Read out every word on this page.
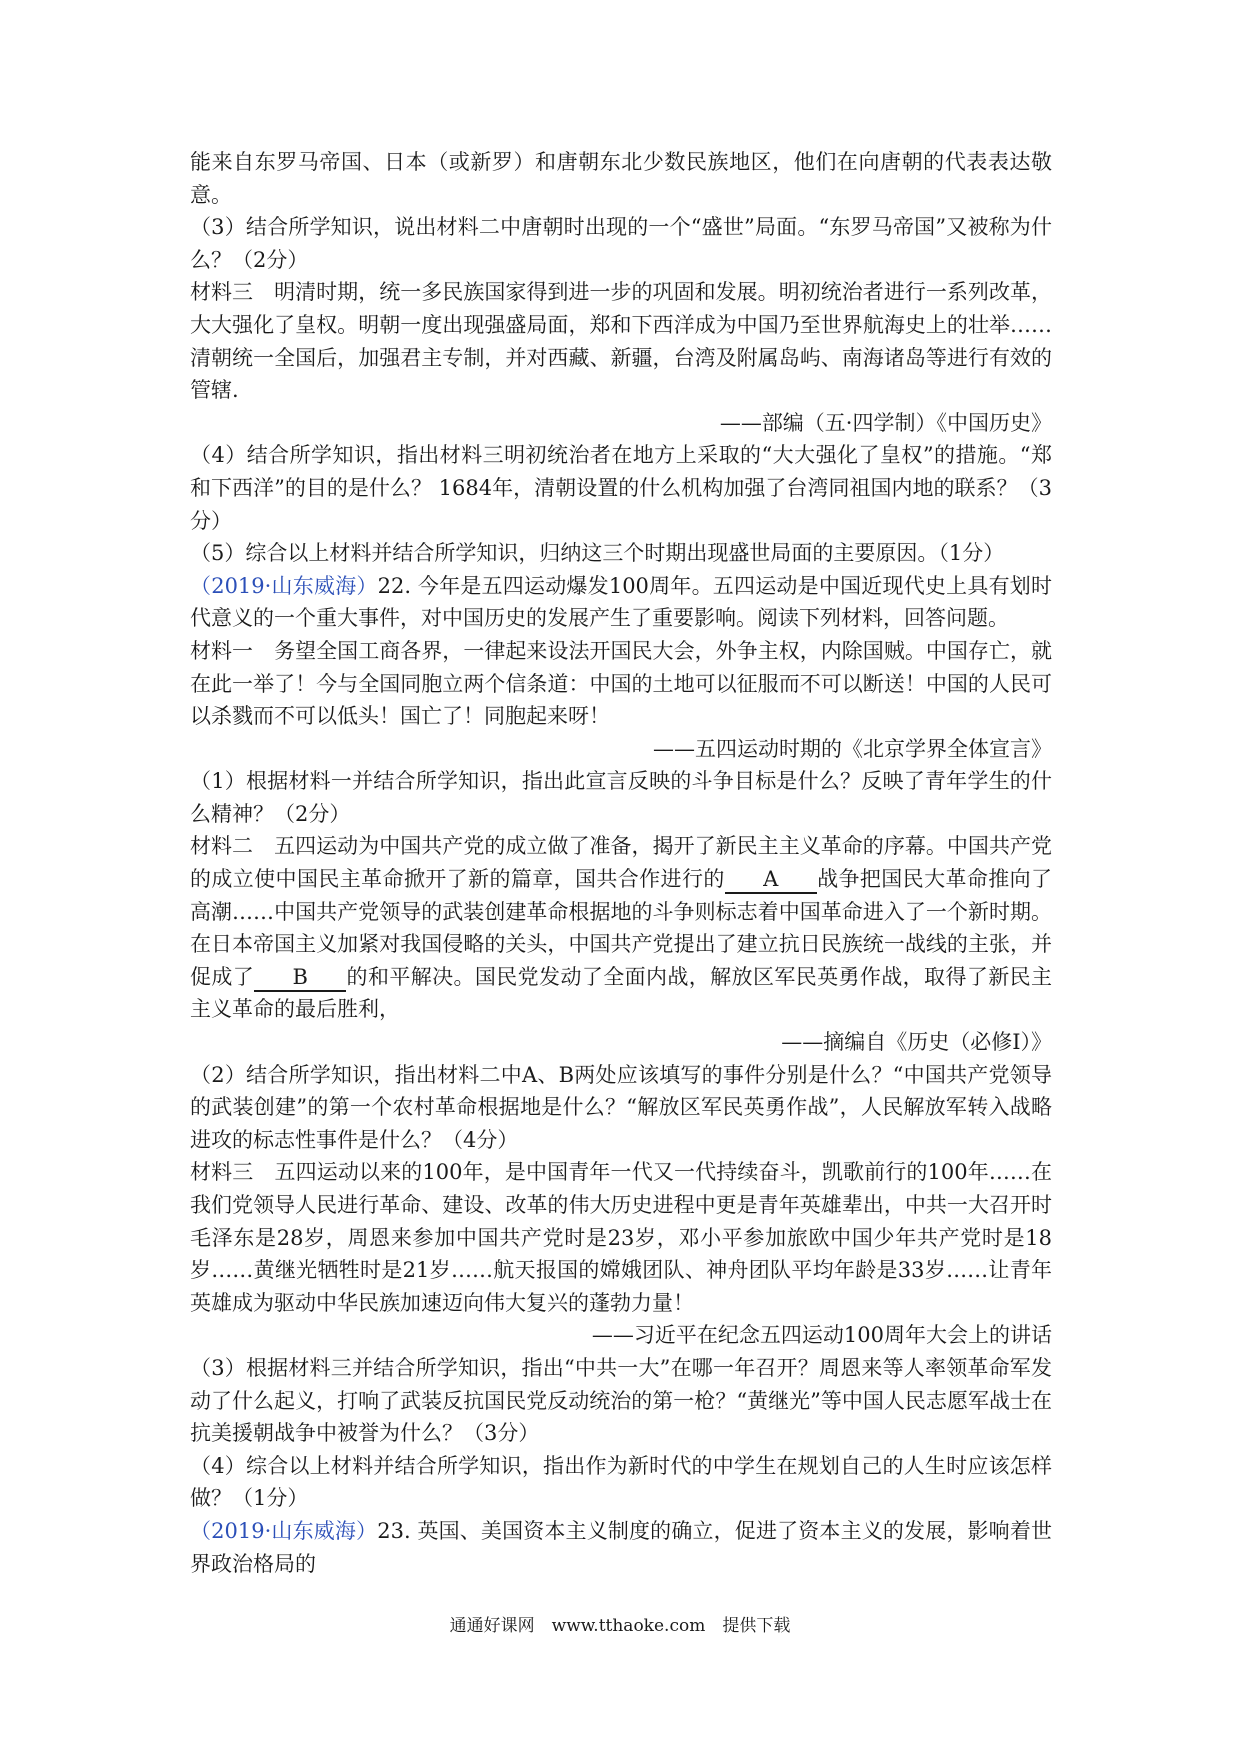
能来自东罗马帝国、日本（或新罗）和唐朝东北少数民族地区，他们在向唐朝的代表表达敬意。

（3）结合所学知识，说出材料二中唐朝时出现的一个“盛世”局面。“东罗马帝国”又被称为什么？（2分）

材料三　明清时期，统一多民族国家得到进一步的巩固和发展。明初统治者进行一系列改革，大大强化了皇权。明朝一度出现强盛局面，郑和下西洋成为中国乃至世界航海史上的壮举……清朝统一全国后，加强君主专制，并对西藏、新疆，台湾及附属岛屿、南海诸岛等进行有效的管辖.

——部编（五·四学制）《中国历史》

（4）结合所学知识，指出材料三明初统治者在地方上采取的“大大强化了皇权”的措施。“郑和下西洋”的目的是什么？ 1684年，清朝设置的什么机构加强了台湾同祖国内地的联系？（3分）

（5）综合以上材料并结合所学知识，归纳这三个时期出现盛世局面的主要原因。（1分）

（2019·山东威海）22. 今年是五四运动爆发100周年。五四运动是中国近现代史上具有划时代意义的一个重大事件，对中国历史的发展产生了重要影响。阅读下列材料，回答问题。

材料一　务望全国工商各界，一律起来设法开国民大会，外争主权，内除国贼。中国存亡，就在此一举了！今与全国同胞立两个信条道：中国的土地可以征服而不可以断送！中国的人民可以杀戮而不可以低头！国亡了！同胞起来呀！

——五四运动时期的《北京学界全体宣言》

（1）根据材料一并结合所学知识，指出此宣言反映的斗争目标是什么？反映了青年学生的什么精神？（2分）

材料二　五四运动为中国共产党的成立做了准备，揭开了新民主主义革命的序幕。中国共产党的成立使中国民主革命掀开了新的篇章，国共合作进行的 A 战争把国民大革命推向了高潮……中国共产党领导的武装创建革命根据地的斗争则标志着中国革命进入了一个新时期。在日本帝国主义加紧对我国侵略的关头，中国共产党提出了建立抗日民族统一战线的主张，并促成了 B 的和平解决。国民党发动了全面内战，解放区军民英勇作战，取得了新民主主义革命的最后胜利，

——摘编自《历史（必修Ⅰ）》

（2）结合所学知识，指出材料二中A、B两处应该填写的事件分别是什么？“中国共产党领导的武装创建”的第一个农村革命根据地是什么？“解放区军民英勇作战”，人民解放军转入战略进攻的标志性事件是什么？（4分）

材料三　五四运动以来的100年，是中国青年一代又一代持续奋斗，凯歌前行的100年……在我们党领导人民进行革命、建设、改革的伟大历史进程中更是青年英雄辈出，中共一大召开时毛泽东是28岁，周恩来参加中国共产党时是23岁，邓小平参加旅欧中国少年共产党时是18岁……黄继光牺牲时是21岁……航天报国的嫦娥团队、神舟团队平均年龄是33岁……让青年英雄成为驱动中华民族加速迈向伟大复兴的蓬勃力量！

——习近平在纪念五四运动100周年大会上的讲话

（3）根据材料三并结合所学知识，指出“中共一大”在哪一年召开？周恩来等人率领革命军发动了什么起义，打响了武装反抗国民党反动统治的第一枪？“黄继光”等中国人民志愿军战士在抗美援朝战争中被誉为什么？（3分）

（4）综合以上材料并结合所学知识，指出作为新时代的中学生在规划自己的人生时应该怎样做？（1分）

（2019·山东威海）23. 英国、美国资本主义制度的确立，促进了资本主义的发展，影响着世界政治格局的

通通好课网　www.tthaoke.com　提供下载
